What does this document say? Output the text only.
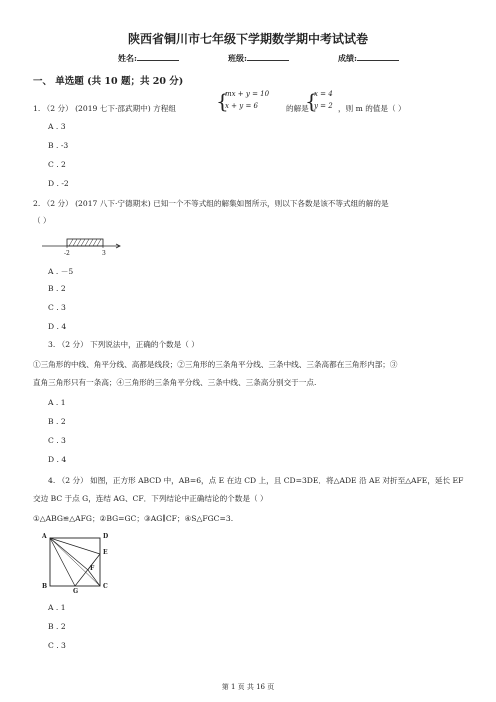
陕西省铜川市七年级下学期数学期中考试试卷
姓名:	班级:	成绩:
一、 单选题 (共 10 题；共 20 分)
1. （2 分） (2019 七下·邵武期中) 方程组 {
mx + y = 10
x + y = 6	的解是
{
x = 4
y = 2 ，则 m 的值是（ ）
A . 3
B . -3
C . 2
D . -2
2. （2 分） (2017 八下·宁德期末) 已知一个不等式组的解集如图所示，则以下各数是该不等式组的解的是
（ ）
-2	3
A . －5
B . 2
C . 3
D . 4
3. （2 分） 下列说法中，正确的个数是（ ）
①三角形的中线、角平分线、高都是线段；②三角形的三条角平分线、三条中线、三条高都在三角形内部；③
直角三角形只有一条高；④三角形的三条角平分线、三条中线、三条高分别交于一点.
A . 1
B . 2
C . 3
D . 4
4. （2 分） 如图，正方形 ABCD 中，AB=6，点 E 在边 CD 上，且 CD=3DE．将△ADE 沿 AE 对折至△AFE，延长 EF
交边 BC 于点 G，连结 AG、CF．下列结论中正确结论的个数是（ ）
①△ABG≌△AFG；②BG=GC；③AG∥CF；④S△FGC=3.
A	D
E
F
B
G
C
A . 1
B . 2
C . 3
第 1 页 共 16 页
